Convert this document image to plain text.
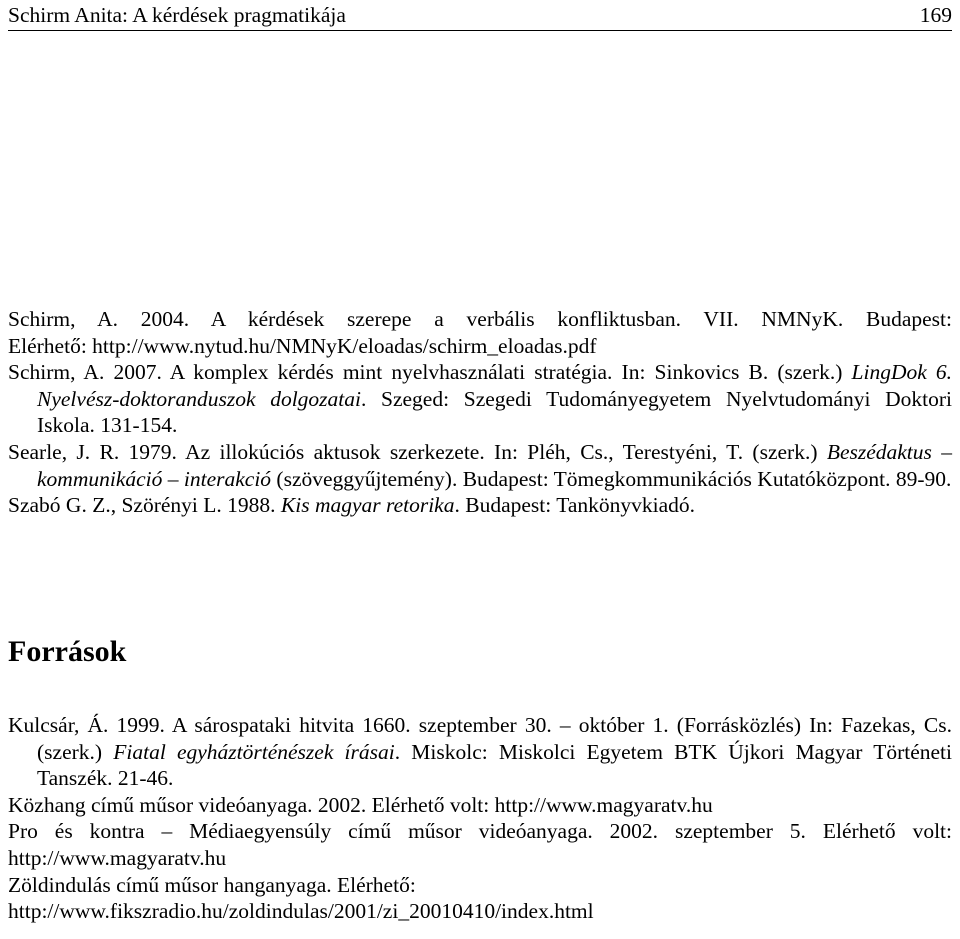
Schirm Anita: A kérdések pragmatikája	169

Schirm, A. 2004. A kérdések szerepe a verbális konfliktusban. VII. NMNyK. Budapest:
Elérhető: http://www.nytud.hu/NMNyK/eloadas/schirm_eloadas.pdf

Schirm, A. 2007. A komplex kérdés mint nyelvhasználati stratégia. In: Sinkovics B. (szerk.) LingDok 6. Nyelvész-doktoranduszok dolgozatai. Szeged: Szegedi Tudományegyetem Nyelvtudományi Doktori Iskola. 131-154.

Searle, J. R. 1979. Az illokúciós aktusok szerkezete. In: Pléh, Cs., Terestyéni, T. (szerk.) Beszédaktus – kommunikáció – interakció (szöveggyűjtemény). Budapest: Tömegkommunikációs Kutatóközpont. 89-90.

Szabó G. Z., Szörényi L. 1988. Kis magyar retorika. Budapest: Tankönyvkiadó.

Források

Kulcsár, Á. 1999. A sárospataki hitvita 1660. szeptember 30. – október 1. (Forrásközlés) In: Fazekas, Cs. (szerk.) Fiatal egyháztörténészek írásai. Miskolc: Miskolci Egyetem BTK Újkori Magyar Történeti Tanszék. 21-46.

Közhang című műsor videóanyaga. 2002. Elérhető volt: http://www.magyaratv.hu

Pro és kontra – Médiaegyensúly című műsor videóanyaga. 2002. szeptember 5. Elérhető volt:
http://www.magyaratv.hu

Zöldindulás című műsor hanganyaga. Elérhető:
http://www.fikszradio.hu/zoldindulas/2001/zi_20010410/index.html
